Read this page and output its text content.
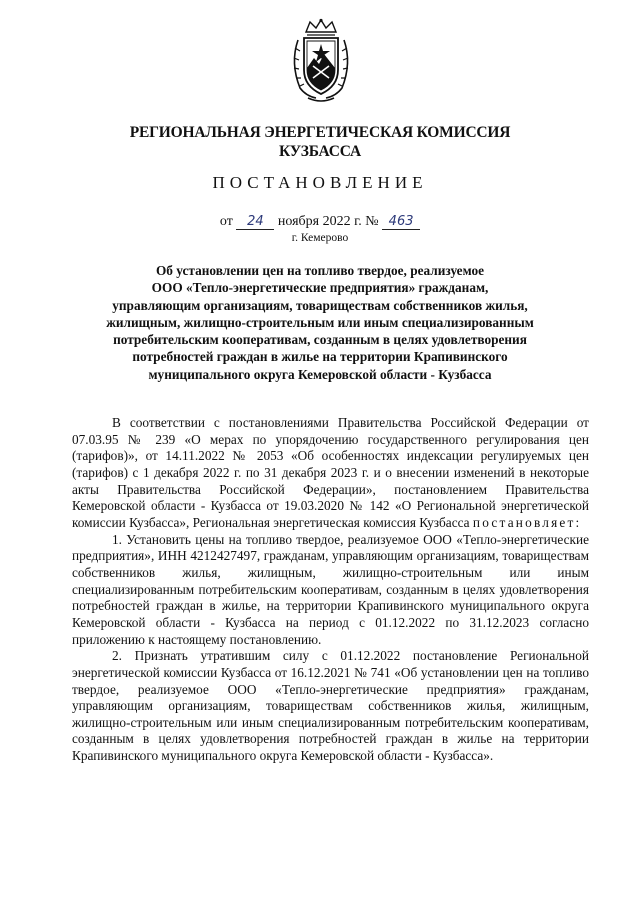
РЕГИОНАЛЬНАЯ ЭНЕРГЕТИЧЕСКАЯ КОМИССИЯ
КУЗБАССА
ПОСТАНОВЛЕНИЕ
от 24 ноября 2022 г. № 463
г. Кемерово
Об установлении цен на топливо твердое, реализуемое
ООО «Тепло-энергетические предприятия» гражданам,
управляющим организациям, товариществам собственников жилья,
жилищным, жилищно-строительным или иным специализированным
потребительским кооперативам, созданным в целях удовлетворения
потребностей граждан в жилье на территории Крапивинского
муниципального округа Кемеровской области - Кузбасса

В соответствии с постановлениями Правительства Российской Федерации от 07.03.95 № 239 «О мерах по упорядочению государственного регулирования цен (тарифов)», от 14.11.2022 № 2053 «Об особенностях индексации регулируемых цен (тарифов) с 1 декабря 2022 г. по 31 декабря 2023 г. и о внесении изменений в некоторые акты Правительства Российской Федерации», постановлением Правительства Кемеровской области - Кузбасса от 19.03.2020 № 142 «О Региональной энергетической комиссии Кузбасса», Региональная энергетическая комиссия Кузбасса постановляет:

1. Установить цены на топливо твердое, реализуемое ООО «Тепло-энергетические предприятия», ИНН 4212427497, гражданам, управляющим организациям, товариществам собственников жилья, жилищным, жилищно-строительным или иным специализированным потребительским кооперативам, созданным в целях удовлетворения потребностей граждан в жилье, на территории Крапивинского муниципального округа Кемеровской области - Кузбасса на период с 01.12.2022 по 31.12.2023 согласно приложению к настоящему постановлению.

2. Признать утратившим силу с 01.12.2022 постановление Региональной энергетической комиссии Кузбасса от 16.12.2021 № 741 «Об установлении цен на топливо твердое, реализуемое ООО «Тепло-энергетические предприятия» гражданам, управляющим организациям, товариществам собственников жилья, жилищным, жилищно-строительным или иным специализированным потребительским кооперативам, созданным в целях удовлетворения потребностей граждан в жилье на территории Крапивинского муниципального округа Кемеровской области - Кузбасса».
